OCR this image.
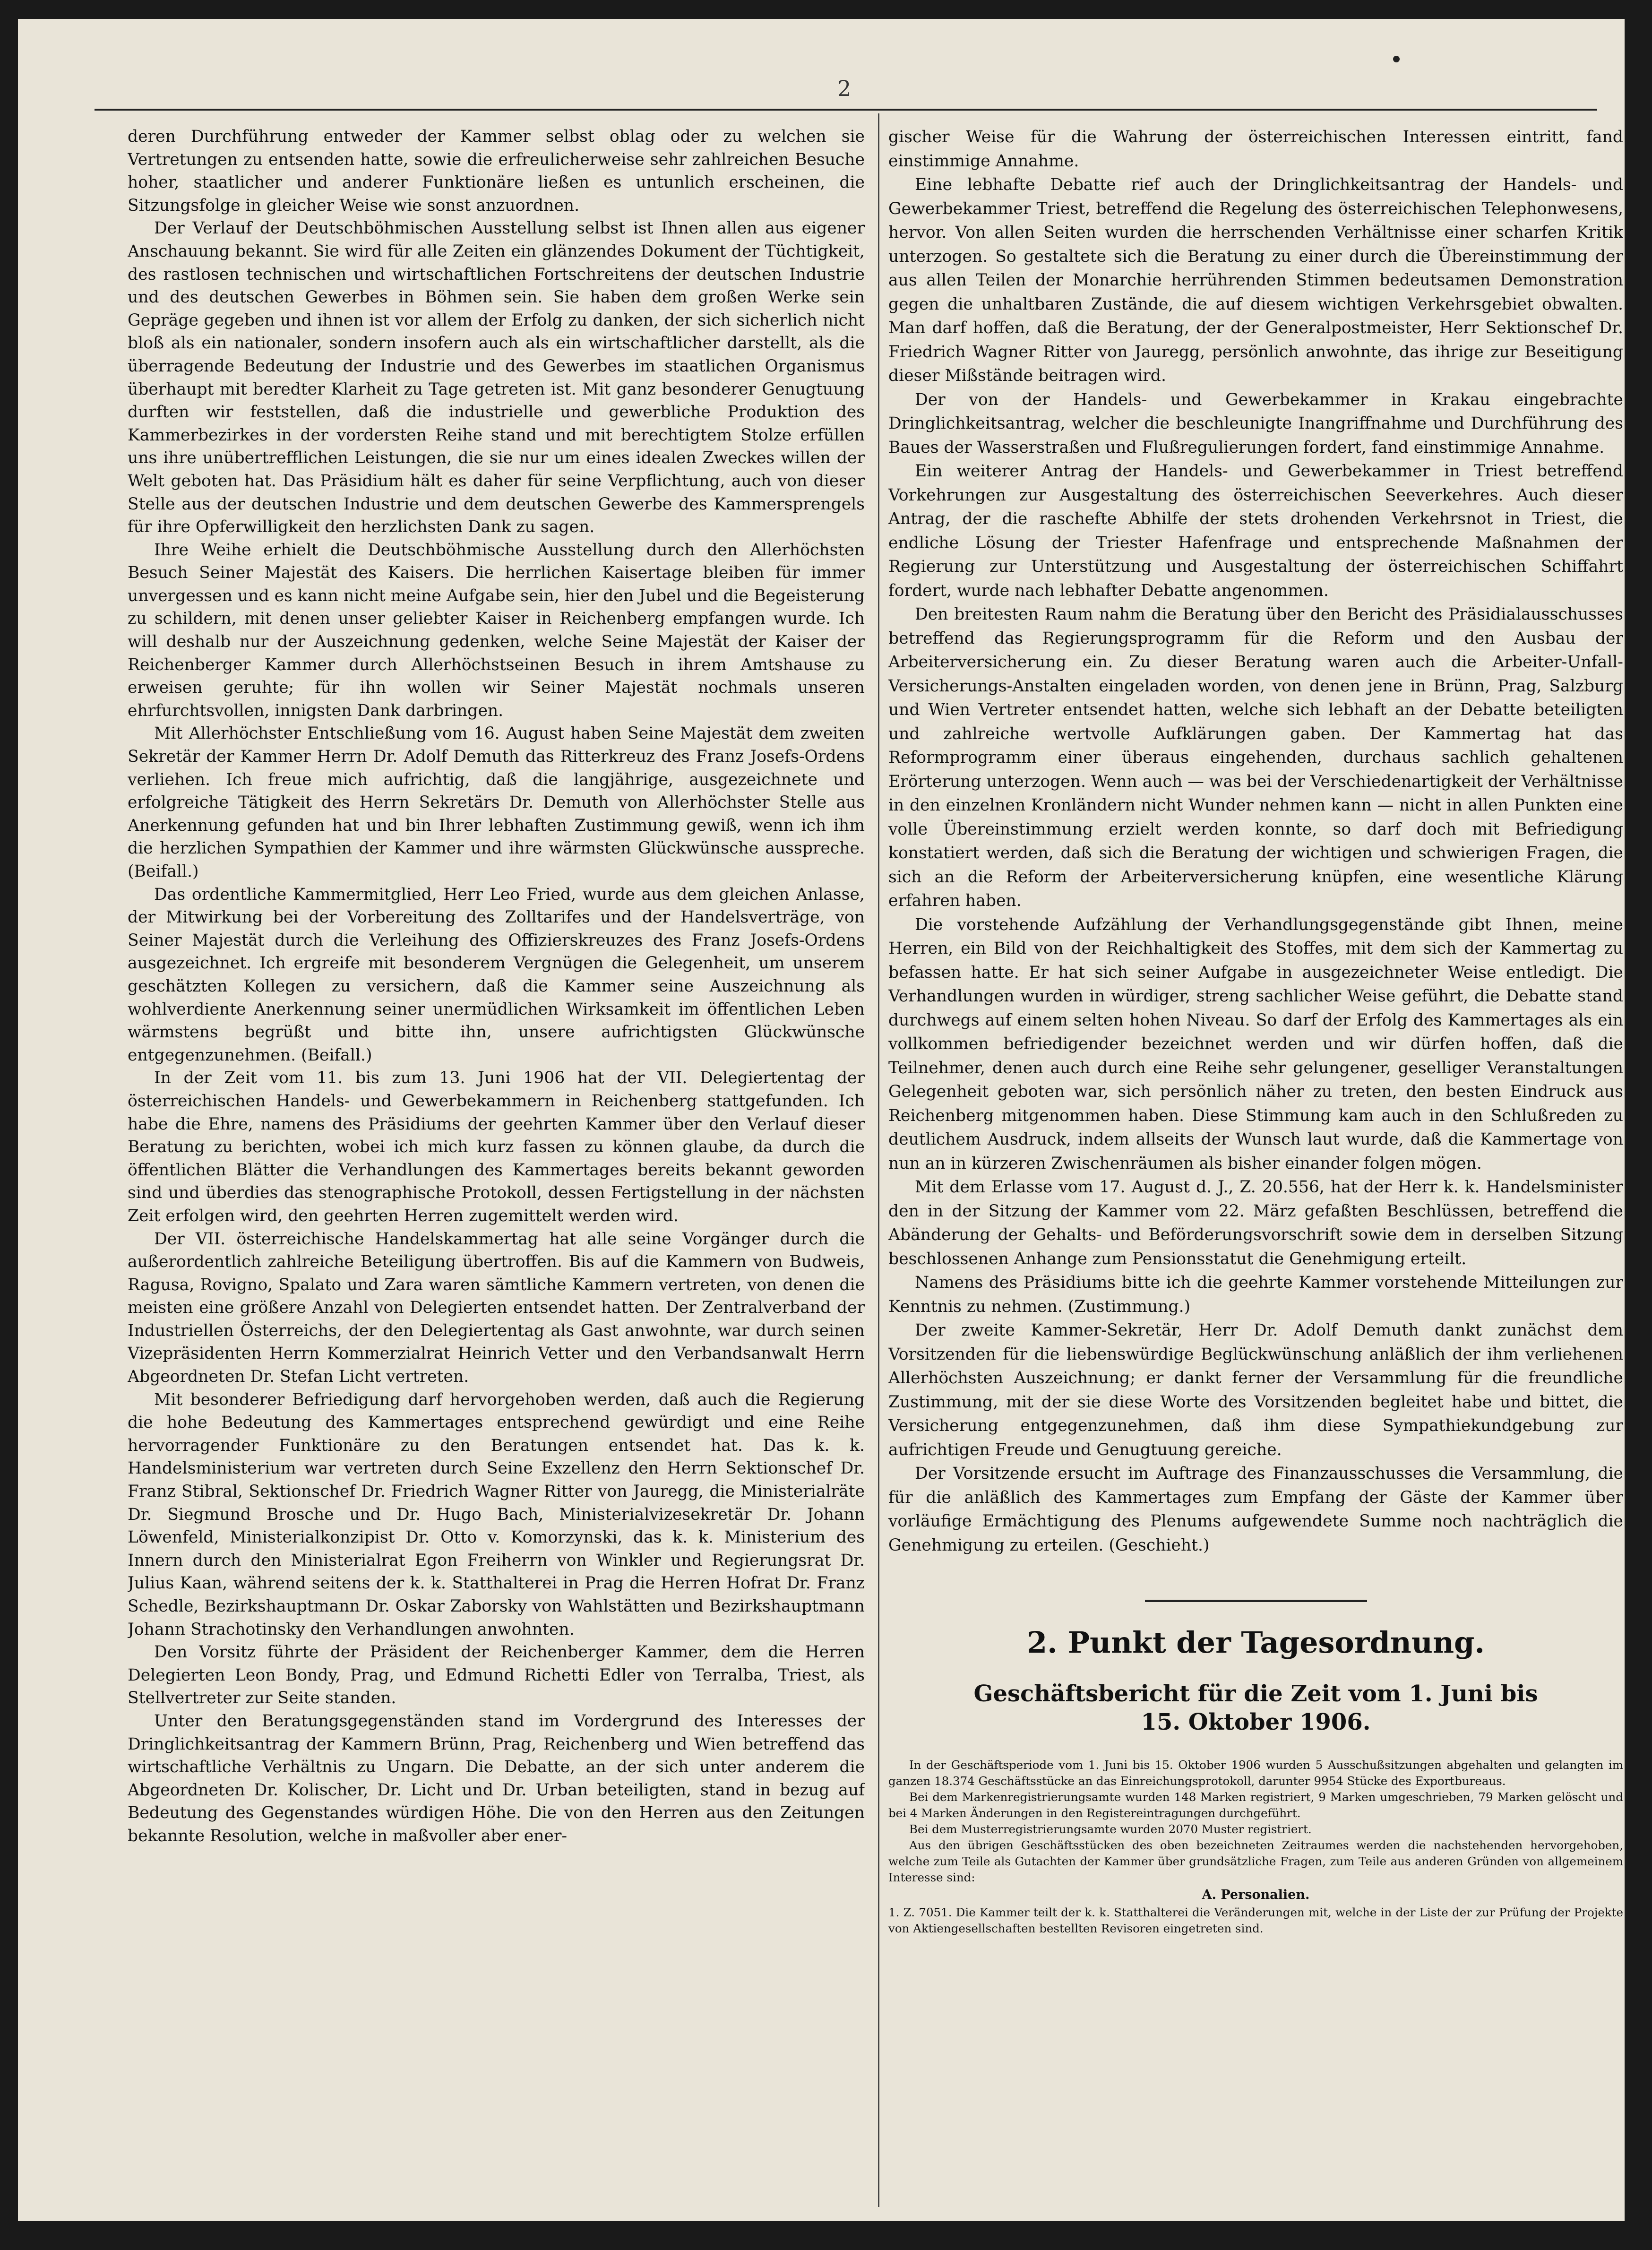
2

deren Durchführung entweder der Kammer selbst oblag oder zu welchen sie Vertretungen zu entsenden hatte, sowie die erfreulicherweise sehr zahlreichen Besuche hoher, staatlicher und anderer Funktionäre ließen es untunlich erscheinen, die Sitzungsfolge in gleicher Weise wie sonst anzuordnen.

Der Verlauf der Deutschböhmischen Ausstellung selbst ist Ihnen allen aus eigener Anschauung bekannt. Sie wird für alle Zeiten ein glänzendes Dokument der Tüchtigkeit, des rastlosen technischen und wirtschaftlichen Fortschreitens der deutschen Industrie und des deutschen Gewerbes in Böhmen sein. Sie haben dem großen Werke sein Gepräge gegeben und ihnen ist vor allem der Erfolg zu danken, der sich sicherlich nicht bloß als ein nationaler, sondern insofern auch als ein wirtschaftlicher darstellt, als die überragende Bedeutung der Industrie und des Gewerbes im staatlichen Organismus überhaupt mit beredter Klarheit zu Tage getreten ist. Mit ganz besonderer Genugtuung durften wir feststellen, daß die industrielle und gewerbliche Produktion des Kammerbezirkes in der vordersten Reihe stand und mit berechtigtem Stolze erfüllen uns ihre unübertrefflichen Leistungen, die sie nur um eines idealen Zweckes willen der Welt geboten hat. Das Präsidium hält es daher für seine Verpflichtung, auch von dieser Stelle aus der deutschen Industrie und dem deutschen Gewerbe des Kammersprengels für ihre Opferwilligkeit den herzlichsten Dank zu sagen.

Ihre Weihe erhielt die Deutschböhmische Ausstellung durch den Allerhöchsten Besuch Seiner Majestät des Kaisers. Die herrlichen Kaisertage bleiben für immer unvergessen und es kann nicht meine Aufgabe sein, hier den Jubel und die Begeisterung zu schildern, mit denen unser geliebter Kaiser in Reichenberg empfangen wurde. Ich will deshalb nur der Auszeichnung gedenken, welche Seine Majestät der Kaiser der Reichenberger Kammer durch Allerhöchstseinen Besuch in ihrem Amtshause zu erweisen geruhte; für ihn wollen wir Seiner Majestät nochmals unseren ehrfurchtsvollen, innigsten Dank darbringen.

Mit Allerhöchster Entschließung vom 16. August haben Seine Majestät dem zweiten Sekretär der Kammer Herrn Dr. Adolf Demuth das Ritterkreuz des Franz Josefs-Ordens verliehen. Ich freue mich aufrichtig, daß die langjährige, ausgezeichnete und erfolgreiche Tätigkeit des Herrn Sekretärs Dr. Demuth von Allerhöchster Stelle aus Anerkennung gefunden hat und bin Ihrer lebhaften Zustimmung gewiß, wenn ich ihm die herzlichen Sympathien der Kammer und ihre wärmsten Glückwünsche ausspreche. (Beifall.)

Das ordentliche Kammermitglied, Herr Leo Fried, wurde aus dem gleichen Anlasse, der Mitwirkung bei der Vorbereitung des Zolltarifes und der Handelsverträge, von Seiner Majestät durch die Verleihung des Offizierskreuzes des Franz Josefs-Ordens ausgezeichnet. Ich ergreife mit besonderem Vergnügen die Gelegenheit, um unserem geschätzten Kollegen zu versichern, daß die Kammer seine Auszeichnung als wohlverdiente Anerkennung seiner unermüdlichen Wirksamkeit im öffentlichen Leben wärmstens begrüßt und bitte ihn, unsere aufrichtigsten Glückwünsche entgegenzunehmen. (Beifall.)

In der Zeit vom 11. bis zum 13. Juni 1906 hat der VII. Delegiertentag der österreichischen Handels- und Gewerbekammern in Reichenberg stattgefunden. Ich habe die Ehre, namens des Präsidiums der geehrten Kammer über den Verlauf dieser Beratung zu berichten, wobei ich mich kurz fassen zu können glaube, da durch die öffentlichen Blätter die Verhandlungen des Kammertages bereits bekannt geworden sind und überdies das stenographische Protokoll, dessen Fertigstellung in der nächsten Zeit erfolgen wird, den geehrten Herren zugemittelt werden wird.

Der VII. österreichische Handelskammertag hat alle seine Vorgänger durch die außerordentlich zahlreiche Beteiligung übertroffen. Bis auf die Kammern von Budweis, Ragusa, Rovigno, Spalato und Zara waren sämtliche Kammern vertreten, von denen die meisten eine größere Anzahl von Delegierten entsendet hatten. Der Zentralverband der Industriellen Österreichs, der den Delegiertentag als Gast anwohnte, war durch seinen Vizepräsidenten Herrn Kommerzialrat Heinrich Vetter und den Verbandsanwalt Herrn Abgeordneten Dr. Stefan Licht vertreten.

Mit besonderer Befriedigung darf hervorgehoben werden, daß auch die Regierung die hohe Bedeutung des Kammertages entsprechend gewürdigt und eine Reihe hervorragender Funktionäre zu den Beratungen entsendet hat. Das k. k. Handelsministerium war vertreten durch Seine Exzellenz den Herrn Sektionschef Dr. Franz Stibral, Sektionschef Dr. Friedrich Wagner Ritter von Jauregg, die Ministerialräte Dr. Siegmund Brosche und Dr. Hugo Bach, Ministerialvizesekretär Dr. Johann Löwenfeld, Ministerialkonzipist Dr. Otto v. Komorzynski, das k. k. Ministerium des Innern durch den Ministerialrat Egon Freiherrn von Winkler und Regierungsrat Dr. Julius Kaan, während seitens der k. k. Statthalterei in Prag die Herren Hofrat Dr. Franz Schedle, Bezirkshauptmann Dr. Oskar Zaborsky von Wahlstätten und Bezirkshauptmann Johann Strachotinsky den Verhandlungen anwohnten.

Den Vorsitz führte der Präsident der Reichenberger Kammer, dem die Herren Delegierten Leon Bondy, Prag, und Edmund Richetti Edler von Terralba, Triest, als Stellvertreter zur Seite standen.

Unter den Beratungsgegenständen stand im Vordergrund des Interesses der Dringlichkeitsantrag der Kammern Brünn, Prag, Reichenberg und Wien betreffend das wirtschaftliche Verhältnis zu Ungarn. Die Debatte, an der sich unter anderem die Abgeordneten Dr. Kolischer, Dr. Licht und Dr. Urban beteiligten, stand in bezug auf Bedeutung des Gegenstandes würdigen Höhe. Die von den Herren aus den Zeitungen bekannte Resolution, welche in maßvoller aber ener-

gischer Weise für die Wahrung der österreichischen Interessen eintritt, fand einstimmige Annahme.

Eine lebhafte Debatte rief auch der Dringlichkeitsantrag der Handels- und Gewerbekammer Triest, betreffend die Regelung des österreichischen Telephonwesens, hervor. Von allen Seiten wurden die herrschenden Verhältnisse einer scharfen Kritik unterzogen. So gestaltete sich die Beratung zu einer durch die Übereinstimmung der aus allen Teilen der Monarchie herrührenden Stimmen bedeutsamen Demonstration gegen die unhaltbaren Zustände, die auf diesem wichtigen Verkehrsgebiet obwalten. Man darf hoffen, daß die Beratung, der der Generalpostmeister, Herr Sektionschef Dr. Friedrich Wagner Ritter von Jauregg, persönlich anwohnte, das ihrige zur Beseitigung dieser Mißstände beitragen wird.

Der von der Handels- und Gewerbekammer in Krakau eingebrachte Dringlichkeitsantrag, welcher die beschleunigte Inangriffnahme und Durchführung des Baues der Wasserstraßen und Flußregulierungen fordert, fand einstimmige Annahme.

Ein weiterer Antrag der Handels- und Gewerbekammer in Triest betreffend Vorkehrungen zur Ausgestaltung des österreichischen Seeverkehres. Auch dieser Antrag, der die raschefte Abhilfe der stets drohenden Verkehrsnot in Triest, die endliche Lösung der Triester Hafenfrage und entsprechende Maßnahmen der Regierung zur Unterstützung und Ausgestaltung der österreichischen Schiffahrt fordert, wurde nach lebhafter Debatte angenommen.

Den breitesten Raum nahm die Beratung über den Bericht des Präsidialausschusses betreffend das Regierungsprogramm für die Reform und den Ausbau der Arbeiterversicherung ein. Zu dieser Beratung waren auch die Arbeiter-Unfall-Versicherungs-Anstalten eingeladen worden, von denen jene in Brünn, Prag, Salzburg und Wien Vertreter entsendet hatten, welche sich lebhaft an der Debatte beteiligten und zahlreiche wertvolle Aufklärungen gaben. Der Kammertag hat das Reformprogramm einer überaus eingehenden, durchaus sachlich gehaltenen Erörterung unterzogen. Wenn auch — was bei der Verschiedenartigkeit der Verhältnisse in den einzelnen Kronländern nicht Wunder nehmen kann — nicht in allen Punkten eine volle Übereinstimmung erzielt werden konnte, so darf doch mit Befriedigung konstatiert werden, daß sich die Beratung der wichtigen und schwierigen Fragen, die sich an die Reform der Arbeiterversicherung knüpfen, eine wesentliche Klärung erfahren haben.

Die vorstehende Aufzählung der Verhandlungsgegenstände gibt Ihnen, meine Herren, ein Bild von der Reichhaltigkeit des Stoffes, mit dem sich der Kammertag zu befassen hatte. Er hat sich seiner Aufgabe in ausgezeichneter Weise entledigt. Die Verhandlungen wurden in würdiger, streng sachlicher Weise geführt, die Debatte stand durchwegs auf einem selten hohen Niveau. So darf der Erfolg des Kammertages als ein vollkommen befriedigender bezeichnet werden und wir dürfen hoffen, daß die Teilnehmer, denen auch durch eine Reihe sehr gelungener, geselliger Veranstaltungen Gelegenheit geboten war, sich persönlich näher zu treten, den besten Eindruck aus Reichenberg mitgenommen haben. Diese Stimmung kam auch in den Schlußreden zu deutlichem Ausdruck, indem allseits der Wunsch laut wurde, daß die Kammertage von nun an in kürzeren Zwischenräumen als bisher einander folgen mögen.

Mit dem Erlasse vom 17. August d. J., Z. 20.556, hat der Herr k. k. Handelsminister den in der Sitzung der Kammer vom 22. März gefaßten Beschlüssen, betreffend die Abänderung der Gehalts- und Beförderungsvorschrift sowie dem in derselben Sitzung beschlossenen Anhange zum Pensionsstatut die Genehmigung erteilt.

Namens des Präsidiums bitte ich die geehrte Kammer vorstehende Mitteilungen zur Kenntnis zu nehmen. (Zustimmung.)

Der zweite Kammer-Sekretär, Herr Dr. Adolf Demuth dankt zunächst dem Vorsitzenden für die liebenswürdige Beglückwünschung anläßlich der ihm verliehenen Allerhöchsten Auszeichnung; er dankt ferner der Versammlung für die freundliche Zustimmung, mit der sie diese Worte des Vorsitzenden begleitet habe und bittet, die Versicherung entgegenzunehmen, daß ihm diese Sympathiekundgebung zur aufrichtigen Freude und Genugtuung gereiche.

Der Vorsitzende ersucht im Auftrage des Finanzausschusses die Versammlung, die für die anläßlich des Kammertages zum Empfang der Gäste der Kammer über vorläufige Ermächtigung des Plenums aufgewendete Summe noch nachträglich die Genehmigung zu erteilen. (Geschieht.)

2. Punkt der Tagesordnung.
Geschäftsbericht für die Zeit vom 1. Juni bis
15. Oktober 1906.

In der Geschäftsperiode vom 1. Juni bis 15. Oktober 1906 wurden 5 Ausschußsitzungen abgehalten und gelangten im ganzen 18.374 Geschäftsstücke an das Einreichungsprotokoll, darunter 9954 Stücke des Exportbureaus.

Bei dem Markenregistrierungsamte wurden 148 Marken registriert, 9 Marken umgeschrieben, 79 Marken gelöscht und bei 4 Marken Änderungen in den Registereintragungen durchgeführt.

Bei dem Musterregistrierungsamte wurden 2070 Muster registriert.

Aus den übrigen Geschäftsstücken des oben bezeichneten Zeitraumes werden die nachstehenden hervorgehoben, welche zum Teile als Gutachten der Kammer über grundsätzliche Fragen, zum Teile aus anderen Gründen von allgemeinem Interesse sind:

A. Personalien.

1. Z. 7051. Die Kammer teilt der k. k. Statthalterei die Veränderungen mit, welche in der Liste der zur Prüfung der Projekte von Aktiengesellschaften bestellten Revisoren eingetreten sind.
